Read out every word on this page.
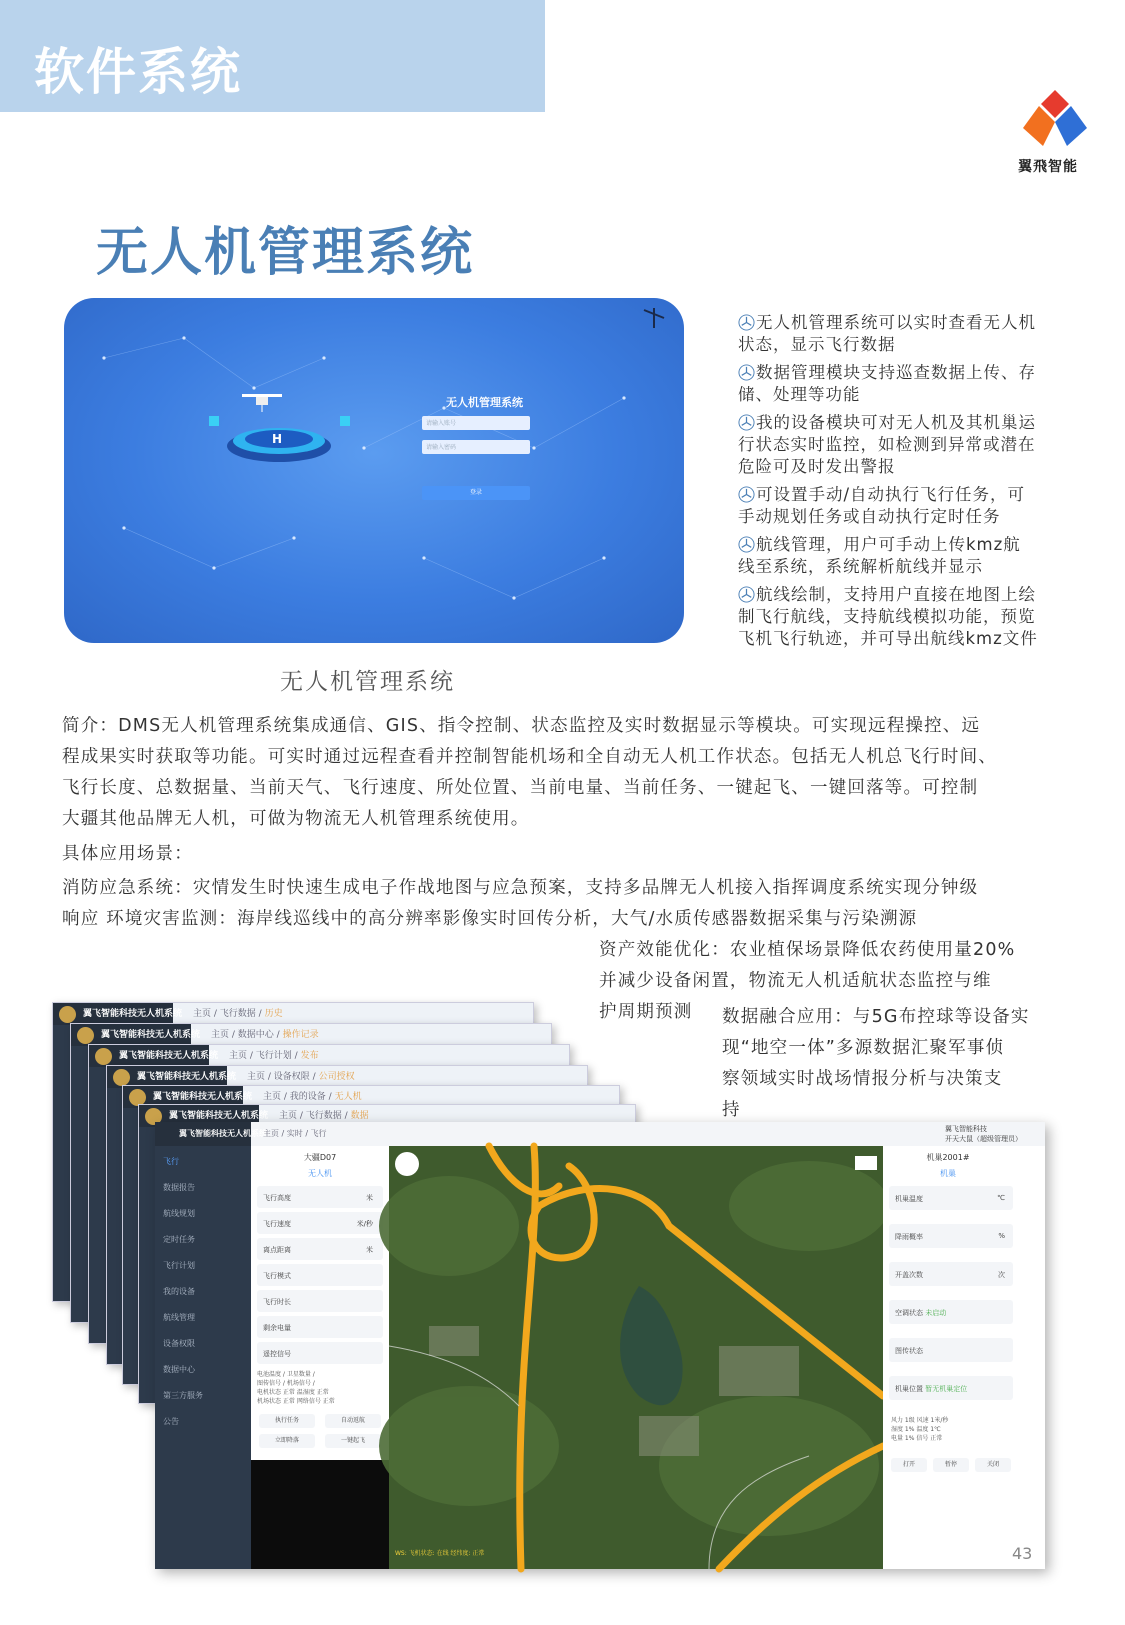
软件系统
翼飛智能
无人机管理系统
H
无人机管理系统
请输入账号
请输入密码
登录
无人机管理系统
无人机管理系统可以实时查看无人机状态，显示飞行数据
数据管理模块支持巡查数据上传、存储、处理等功能
我的设备模块可对无人机及其机巢运行状态实时监控，如检测到异常或潜在危险可及时发出警报
可设置手动/自动执行飞行任务，可手动规划任务或自动执行定时任务
航线管理，用户可手动上传kmz航线至系统，系统解析航线并显示
航线绘制，支持用户直接在地图上绘制飞行航线，支持航线模拟功能，预览飞机飞行轨迹，并可导出航线kmz文件
简介：DMS无人机管理系统集成通信、GIS、指令控制、状态监控及实时数据显示等模块。可实现远程操控、远
程成果实时获取等功能。可实时通过远程查看并控制智能机场和全自动无人机工作状态。包括无人机总飞行时间、
飞行长度、总数据量、当前天气、飞行速度、所处位置、当前电量、当前任务、一键起飞、一键回落等。可控制
大疆其他品牌无人机，可做为物流无人机管理系统使用。
具体应用场景：
消防应急系统：灾情发生时快速生成电子作战地图与应急预案，支持多品牌无人机接入指挥调度系统实现分钟级
响应 环境灾害监测：海岸线巡线中的高分辨率影像实时回传分析，大气/水质传感器数据采集与污染溯源
资产效能优化：农业植保场景降低农药使用量20%
并减少设备闲置，物流无人机适航状态监控与维
护周期预测 数据融合应用：与5G布控球等设备实
现“地空一体”多源数据汇聚军事侦
察领域实时战场情报分析与决策支
持
翼飞智能科技无人机系统 主页 / 飞行数据 / 历史
翼飞智能科技无人机系统 主页 / 数据中心 / 操作记录
翼飞智能科技无人机系统 主页 / 飞行计划 / 发布
翼飞智能科技无人机系统 主页 / 设备权限 / 公司授权
翼飞智能科技无人机系统 主页 / 我的设备 / 无人机
翼飞智能科技无人机系统 主页 / 飞行数据 / 数据
翼飞智能科技无人机系统
飞行
数据报告
航线规划
定时任务
飞行计划
我的设备
航线管理
设备权限
数据中心
第三方服务
公告
主页 / 实时 / 飞行	翼飞智能科技
开天大鼠（超级管理员）
大疆D07
无人机
飞行高度	米
飞行速度	米/秒
离点距离	米
飞行模式
飞行时长
剩余电量
遥控信号
电池温度 / 卫星数量 /
图传信号 / 机场信号 /
电机状态 正常 温湿度 正常
机场状态 正常 网络信号 正常
执行任务	自动返航
立即降落	一键起飞
WS: 飞机状态: 在线 经纬度: 正常
机巢2001#
机巢
机巢温度	℃
降雨概率	%
开盖次数	次
空调状态 未启动
图传状态
机巢位置 暂无机巢定位
风力 1级 风速 1米/秒
湿度 1% 温度 1℃
电量 1% 信号 正常
打开	暂停	关闭
43
